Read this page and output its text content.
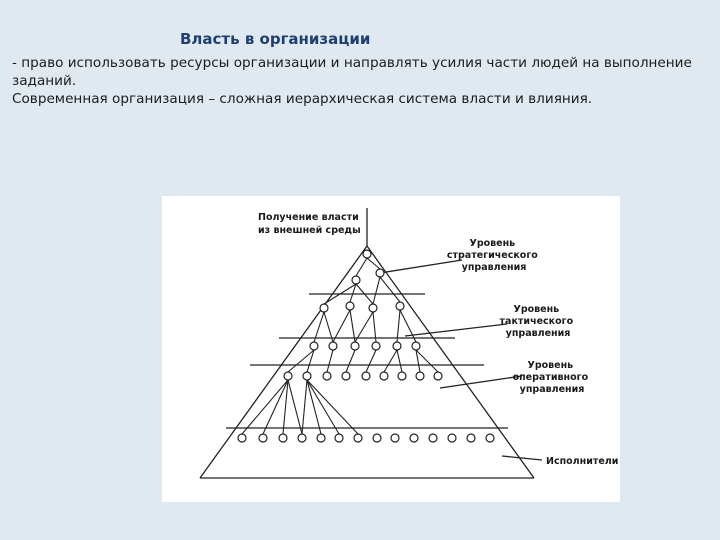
Власть в организации

- право использовать ресурсы организации и направлять усилия части людей на выполнение заданий.

Современная организация – сложная иерархическая система власти и влияния.

Получение власти из внешней среды
Уровень стратегического управления
Уровень тактического управления
Уровень оперативного управления
Исполнители
